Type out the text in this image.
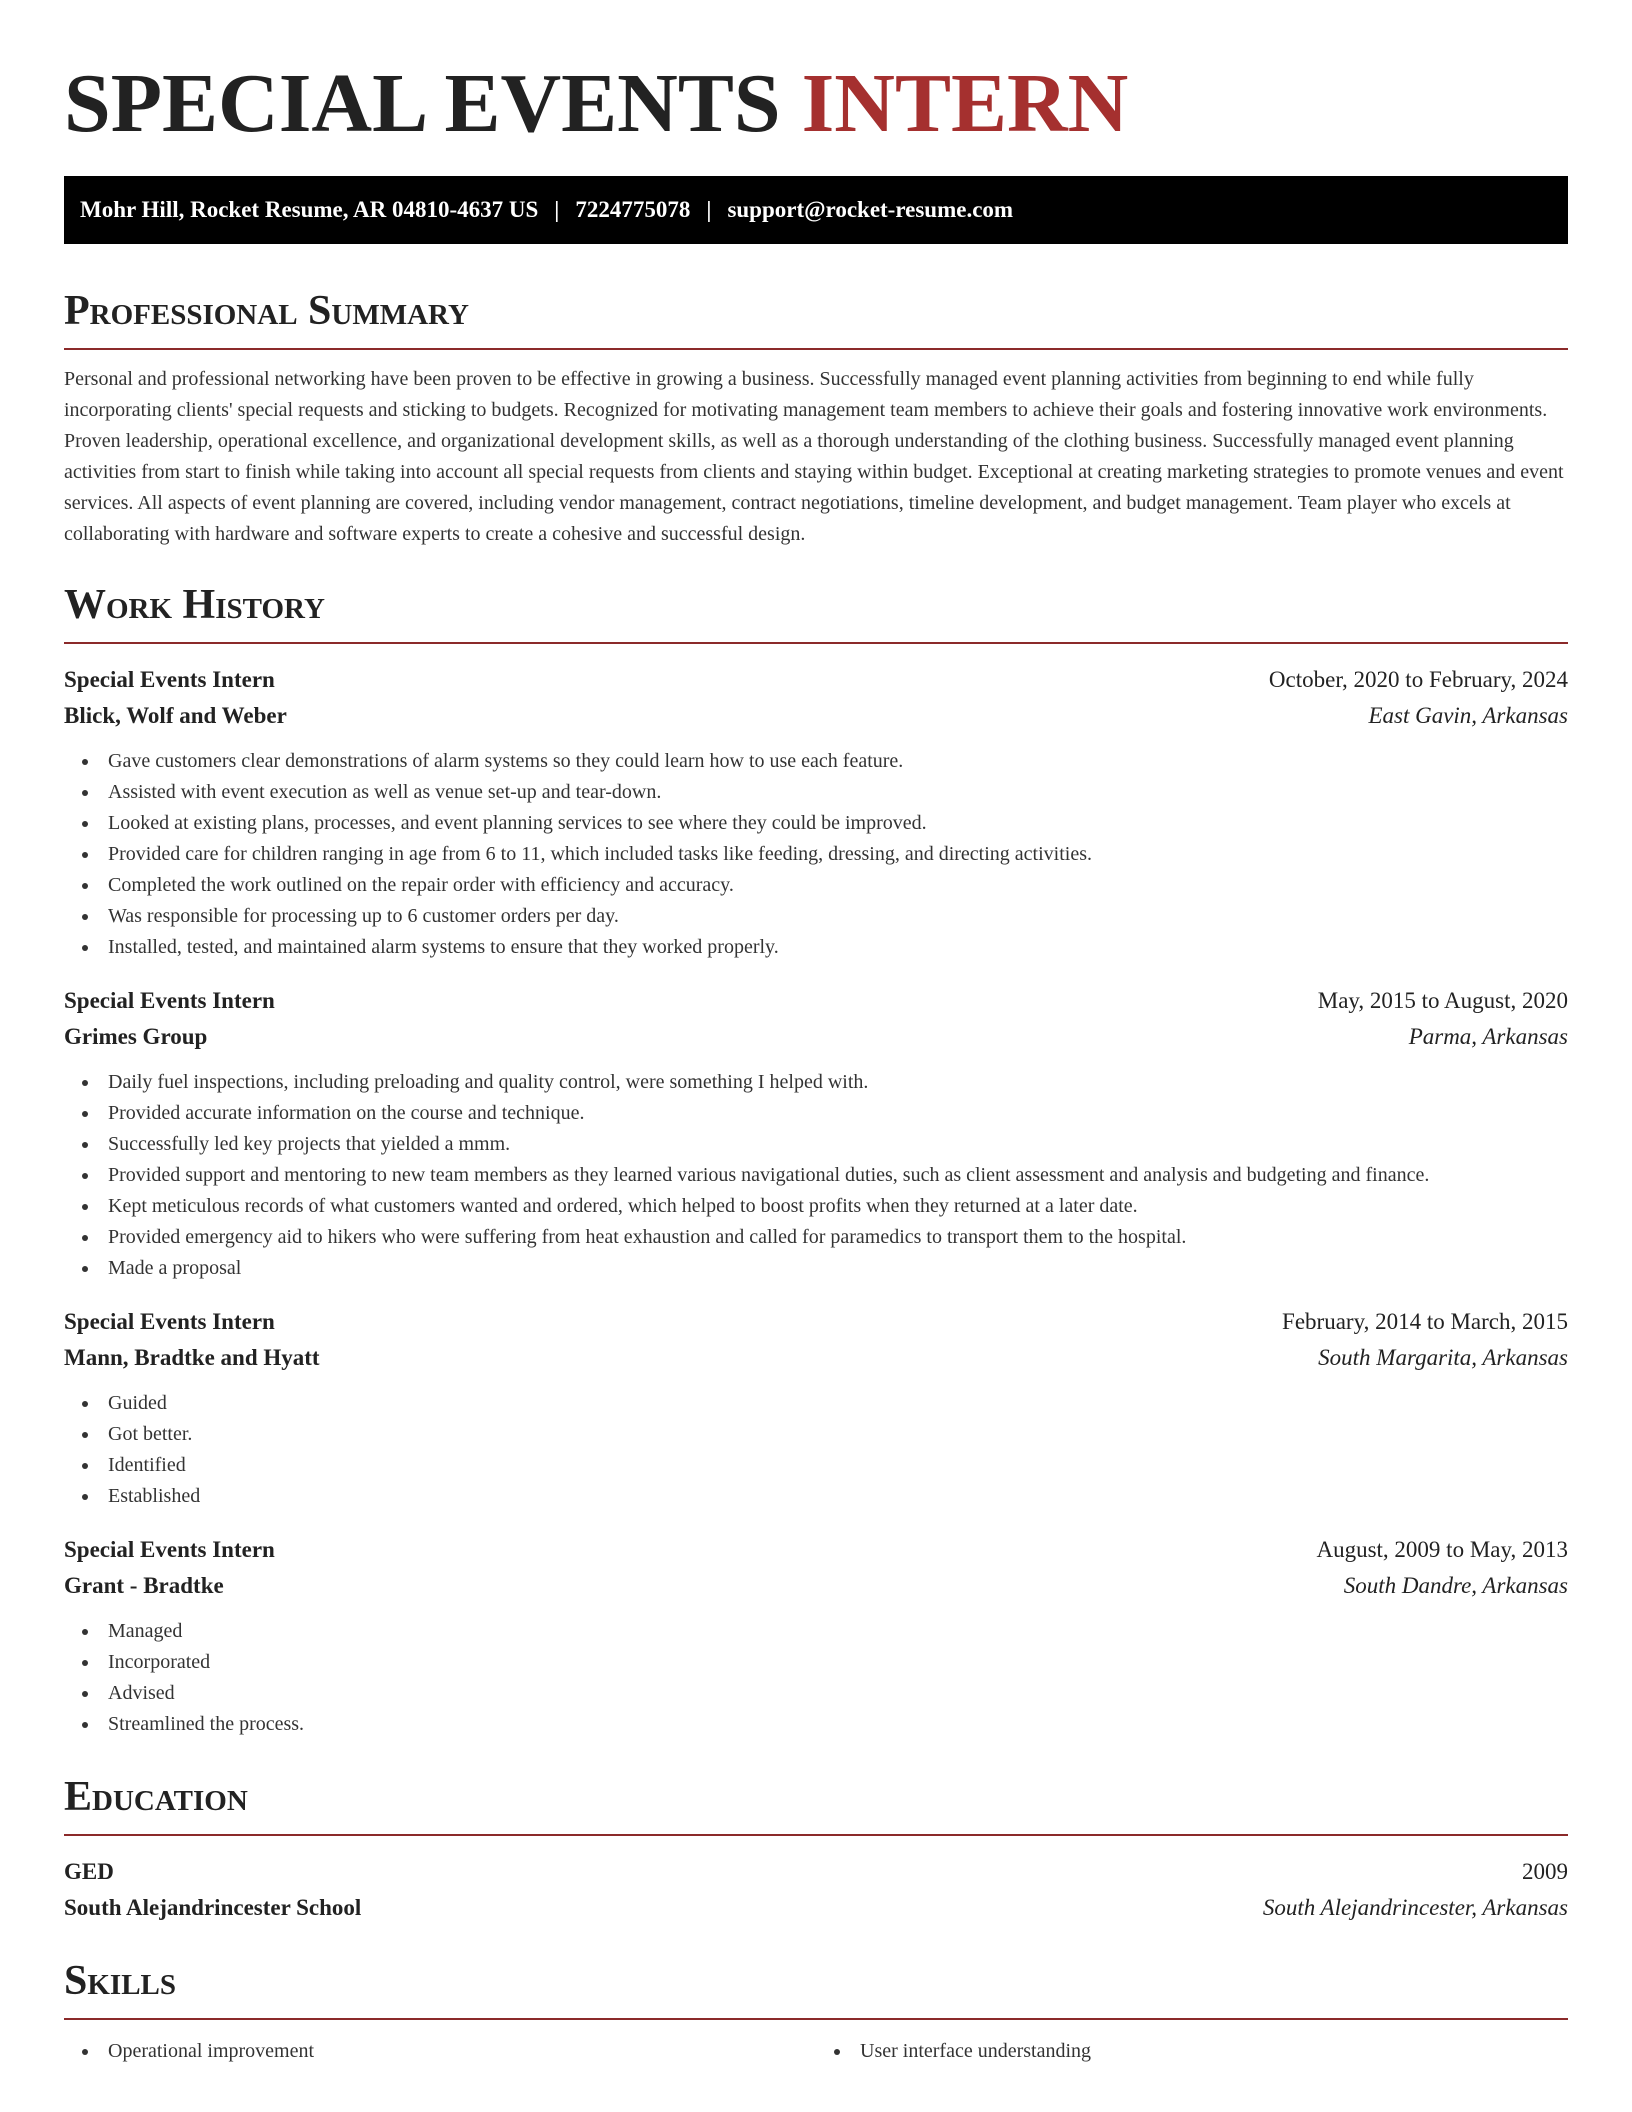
SPECIAL EVENTS INTERN
Mohr Hill, Rocket Resume, AR 04810-4637 US | 7224775078 | support@rocket-resume.com
Professional Summary

Personal and professional networking have been proven to be effective in growing a business. Successfully managed event planning activities from beginning to end while fully incorporating clients' special requests and sticking to budgets. Recognized for motivating management team members to achieve their goals and fostering innovative work environments. Proven leadership, operational excellence, and organizational development skills, as well as a thorough understanding of the clothing business. Successfully managed event planning activities from start to finish while taking into account all special requests from clients and staying within budget. Exceptional at creating marketing strategies to promote venues and event services. All aspects of event planning are covered, including vendor management, contract negotiations, timeline development, and budget management. Team player who excels at collaborating with hardware and software experts to create a cohesive and successful design.

Work History
Special Events Intern	October, 2020 to February, 2024
Blick, Wolf and Weber	East Gavin, Arkansas
Gave customers clear demonstrations of alarm systems so they could learn how to use each feature.
Assisted with event execution as well as venue set-up and tear-down.
Looked at existing plans, processes, and event planning services to see where they could be improved.
Provided care for children ranging in age from 6 to 11, which included tasks like feeding, dressing, and directing activities.
Completed the work outlined on the repair order with efficiency and accuracy.
Was responsible for processing up to 6 customer orders per day.
Installed, tested, and maintained alarm systems to ensure that they worked properly.
Special Events Intern	May, 2015 to August, 2020
Grimes Group	Parma, Arkansas
Daily fuel inspections, including preloading and quality control, were something I helped with.
Provided accurate information on the course and technique.
Successfully led key projects that yielded a mmm.
Provided support and mentoring to new team members as they learned various navigational duties, such as client assessment and analysis and budgeting and finance.
Kept meticulous records of what customers wanted and ordered, which helped to boost profits when they returned at a later date.
Provided emergency aid to hikers who were suffering from heat exhaustion and called for paramedics to transport them to the hospital.
Made a proposal
Special Events Intern	February, 2014 to March, 2015
Mann, Bradtke and Hyatt	South Margarita, Arkansas
Guided
Got better.
Identified
Established
Special Events Intern	August, 2009 to May, 2013
Grant - Bradtke	South Dandre, Arkansas
Managed
Incorporated
Advised
Streamlined the process.
Education
GED	2009
South Alejandrincester School	South Alejandrincester, Arkansas
Skills
Operational improvement	User interface understanding
